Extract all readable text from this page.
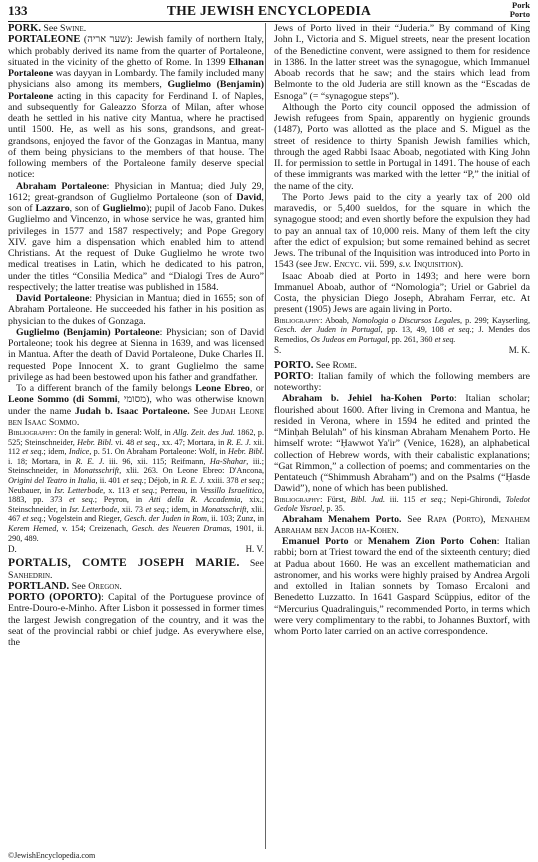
133	THE JEWISH ENCYCLOPEDIA	Pork
Porto

PORK. See Swine.

PORTALEONE (שער אריה): Jewish family of northern Italy, which probably derived its name from the quarter of Portaleone, situated in the vicinity of the ghetto of Rome. In 1399 Elhanan Portaleone was dayyan in Lombardy. The family included many physicians also among its members, Guglielmo (Benjamin) Portaleone acting in this capacity for Ferdinand I. of Naples, and subsequently for Galeazzo Sforza of Milan, after whose death he settled in his native city Mantua, where he practised until 1500. He, as well as his sons, grandsons, and great-grandsons, enjoyed the favor of the Gonzagas in Mantua, many of them being physicians to the members of that house. The following members of the Portaleone family deserve special notice:

Abraham Portaleone: Physician in Mantua; died July 29, 1612; great-grandson of Guglielmo Portaleone (son of David, son of Lazzaro, son of Guglielmo); pupil of Jacob Fano. Dukes Guglielmo and Vincenzo, in whose service he was, granted him privileges in 1577 and 1587 respectively; and Pope Gregory XIV. gave him a dispensation which enabled him to attend Christians. At the request of Duke Guglielmo he wrote two medical treatises in Latin, which he dedicated to his patron, under the titles “Consilia Medica” and “Dialogi Tres de Auro” respectively; the latter treatise was published in 1584.

David Portaleone: Physician in Mantua; died in 1655; son of Abraham Portaleone. He succeeded his father in his position as physician to the dukes of Gonzaga.

Guglielmo (Benjamin) Portaleone: Physician; son of David Portaleone; took his degree at Sienna in 1639, and was licensed in Mantua. After the death of David Portaleone, Duke Charles II. requested Pope Innocent X. to grant Guglielmo the same privilege as had been bestowed upon his father and grandfather.

To a different branch of the family belongs Leone Ebreo, or Leone Sommo (di Sommi, מסומי), who was otherwise known under the name Judah b. Isaac Portaleone. See Judah Leone ben Isaac Sommo.

Bibliography: On the family in general: Wolf, in Allg. Zeit. des Jud. 1862, p. 525; Steinschneider, Hebr. Bibl. vi. 48 et seq., xx. 47; Mortara, in R. E. J. xii. 112 et seq.; idem, Indice, p. 51. On Abraham Portaleone: Wolf, in Hebr. Bibl. i. 18; Mortara, in R. E. J. iii. 96, xii. 115; Reifmann, Ha-Shahar, iii.; Steinschneider, in Monatsschrift, xlii. 263. On Leone Ebreo: D'Ancona, Origini del Teatro in Italia, ii. 401 et seq.; Déjob, in R. E. J. xxiii. 378 et seq.; Neubauer, in Isr. Letterbode, x. 113 et seq.; Perreau, in Vessillo Israelitico, 1883, pp. 373 et seq.; Peyron, in Atti della R. Accademia, xix.; Steinschneider, in Isr. Letterbode, xii. 73 et seq.; idem, in Monatsschrift, xlii. 467 et seq.; Vogelstein and Rieger, Gesch. der Juden in Rom, ii. 103; Zunz, in Kerem Hemed, v. 154; Creizenach, Gesch. des Neueren Dramas, 1901, ii. 290, 489.

D.	H. V.

PORTALIS, COMTE JOSEPH MARIE. See Sanhedrin.

PORTLAND. See Oregon.

PORTO (OPORTO): Capital of the Portuguese province of Entre-Douro-e-Minho. After Lisbon it possessed in former times the largest Jewish congregation of the country, and it was the seat of the provincial rabbi or chief judge. As everywhere else, the

Jews of Porto lived in their “Juderia.” By command of King John I., Victoria and S. Miguel streets, near the present location of the Benedictine convent, were assigned to them for residence in 1386. In the latter street was the synagogue, which Immanuel Aboab records that he saw; and the stairs which lead from Belmonte to the old Juderia are still known as the “Escadas de Esnoga” (= “synagogue steps”).

Although the Porto city council opposed the admission of Jewish refugees from Spain, apparently on hygienic grounds (1487), Porto was allotted as the place and S. Miguel as the street of residence to thirty Spanish Jewish families which, through the aged Rabbi Isaac Aboab, negotiated with King John II. for permission to settle in Portugal in 1491. The house of each of these immigrants was marked with the letter “P,” the initial of the name of the city.

The Porto Jews paid to the city a yearly tax of 200 old maravedis, or 5,400 sueldos, for the square in which the synagogue stood; and even shortly before the expulsion they had to pay an annual tax of 10,000 reis. Many of them left the city after the edict of expulsion; but some remained behind as secret Jews. The tribunal of the Inquisition was introduced into Porto in 1543 (see Jew. Encyc. vii. 599, s.v. Inquisition).

Isaac Aboab died at Porto in 1493; and here were born Immanuel Aboab, author of “Nomologia”; Uriel or Gabriel da Costa, the physician Diego Joseph, Abraham Ferrar, etc. At present (1905) Jews are again living in Porto.

Bibliography: Aboab, Nomologia o Discursos Legales, p. 299; Kayserling, Gesch. der Juden in Portugal, pp. 13, 49, 108 et seq.; J. Mendes dos Remedios, Os Judeos em Portugal, pp. 261, 360 et seq.

S.	M. K.

PORTO. See Rome.

PORTO: Italian family of which the following members are noteworthy:

Abraham b. Jehiel ha-Kohen Porto: Italian scholar; flourished about 1600. After living in Cremona and Mantua, he resided in Verona, where in 1594 he edited and printed the “Minḥah Belulah” of his kinsman Abraham Menahem Porto. He himself wrote: “Ḥawwot Ya'ir” (Venice, 1628), an alphabetical collection of Hebrew words, with their cabalistic explanations; “Gat Rimmon,” a collection of poems; and commentaries on the Pentateuch (“Shimmush Abraham”) and on the Psalms (“Ḥasde Dawid”), none of which has been published.

Bibliography: Fürst, Bibl. Jud. iii. 115 et seq.; Nepi-Ghirondi, Toledot Gedole Yisrael, p. 35.

Abraham Menahem Porto. See Rapa (Porto), Menahem Abraham ben Jacob ha-Kohen.

Emanuel Porto or Menahem Zion Porto Cohen: Italian rabbi; born at Triest toward the end of the sixteenth century; died at Padua about 1660. He was an excellent mathematician and astronomer, and his works were highly praised by Andrea Argoli and extolled in Italian sonnets by Tomaso Ercaloni and Benedetto Luzzatto. In 1641 Gaspard Scüppius, editor of the “Mercurius Quadralinguis,” recommended Porto, in terms which were very complimentary to the rabbi, to Johannes Buxtorf, with whom Porto later carried on an active correspondence.

©JewishEncyclopedia.com
